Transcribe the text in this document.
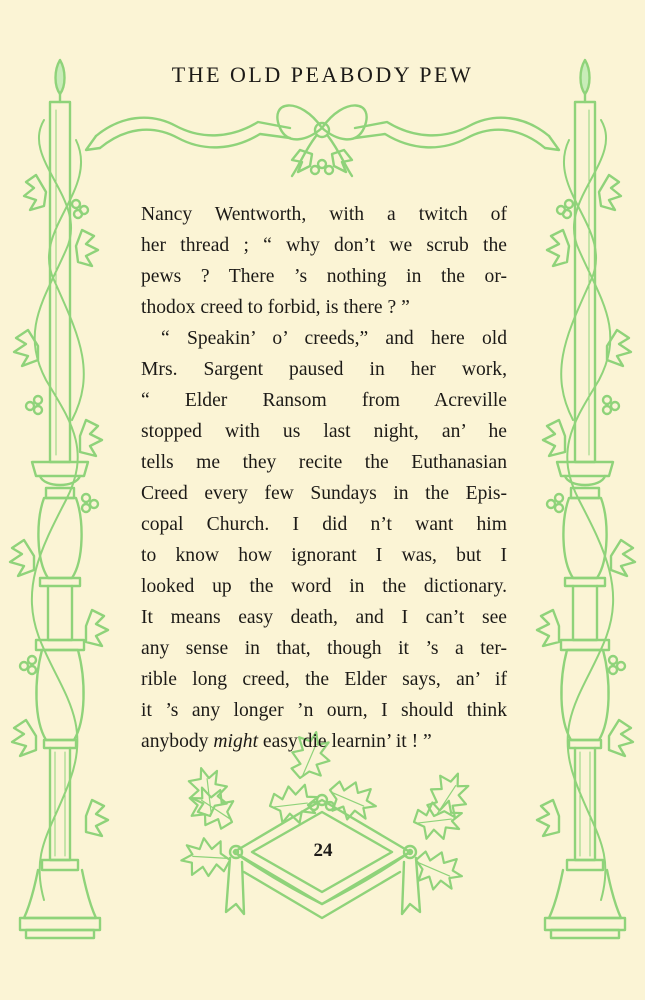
THE OLD PEABODY PEW
Nancy Wentworth, with a twitch of
her thread ; “ why don’t we scrub the
pews ? There ’s nothing in the or-
thodox creed to forbid, is there ? ”
“ Speakin’ o’ creeds,” and here old
Mrs. Sargent paused in her work,
“ Elder Ransom from Acreville
stopped with us last night, an’ he
tells me they recite the Euthanasian
Creed every few Sundays in the Epis-
copal Church. I did n’t want him
to know how ignorant I was, but I
looked up the word in the dictionary.
It means easy death, and I can’t see
any sense in that, though it ’s a ter-
rible long creed, the Elder says, an’ if
it ’s any longer ’n ourn, I should think
anybody might easy die learnin’ it ! ”
24
